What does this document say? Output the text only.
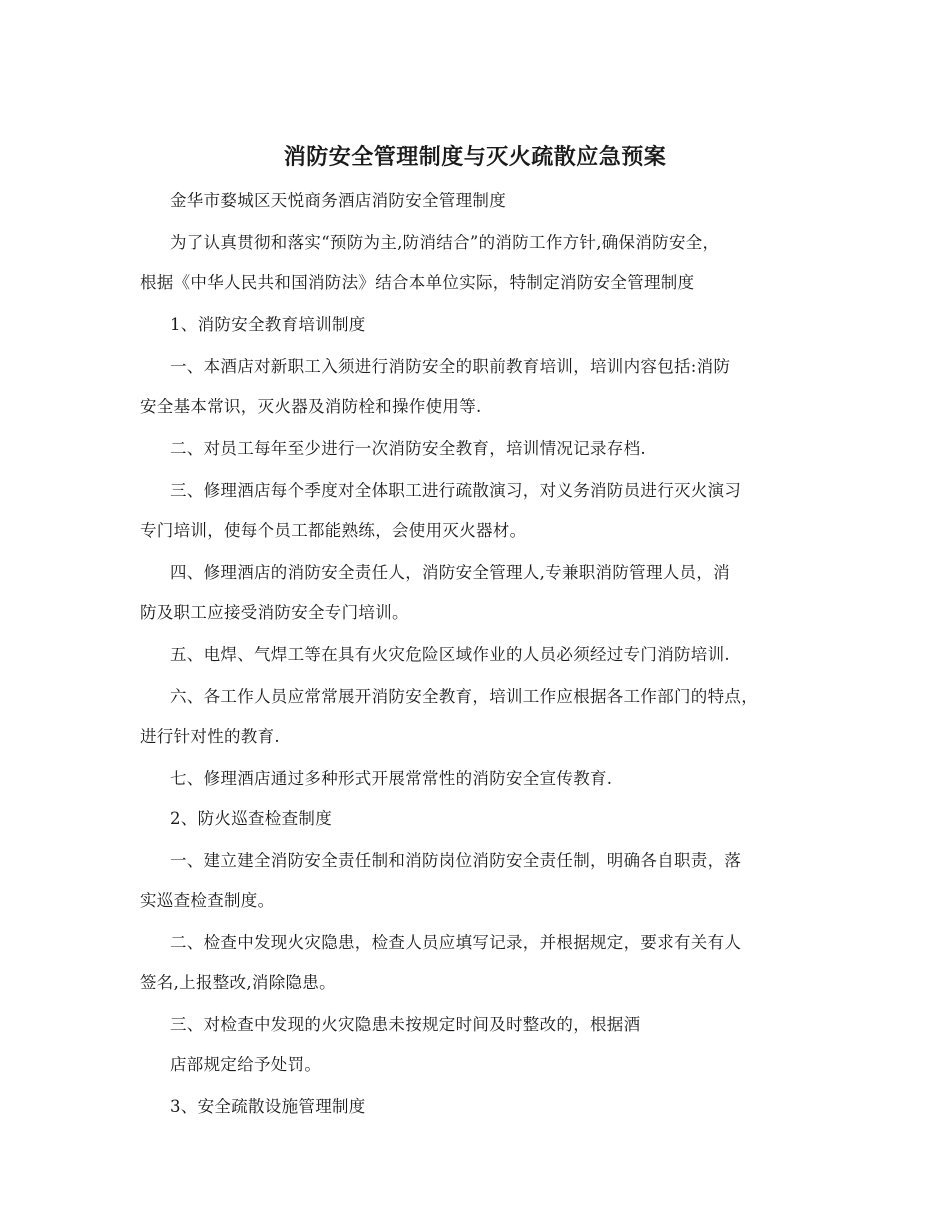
消防安全管理制度与灭火疏散应急预案
金华市婺城区天悦商务酒店消防安全管理制度
为了认真贯彻和落实“预防为主,防消结合”的消防工作方针,确保消防安全，
根据《中华人民共和国消防法》结合本单位实际，特制定消防安全管理制度
1、消防安全教育培训制度
一、本酒店对新职工入须进行消防安全的职前教育培训，培训内容包括:消防
安全基本常识，灭火器及消防栓和操作使用等.
二、对员工每年至少进行一次消防安全教育，培训情况记录存档.
三、修理酒店每个季度对全体职工进行疏散演习，对义务消防员进行灭火演习
专门培训，使每个员工都能熟练，会使用灭火器材。
四、修理酒店的消防安全责任人，消防安全管理人,专兼职消防管理人员，消
防及职工应接受消防安全专门培训。
五、电焊、气焊工等在具有火灾危险区域作业的人员必须经过专门消防培训.
六、各工作人员应常常展开消防安全教育，培训工作应根据各工作部门的特点，
进行针对性的教育.
七、修理酒店通过多种形式开展常常性的消防安全宣传教育.
2、防火巡查检查制度
一、建立建全消防安全责任制和消防岗位消防安全责任制，明确各自职责，落
实巡查检查制度。
二、检查中发现火灾隐患，检查人员应填写记录，并根据规定，要求有关有人
签名,上报整改,消除隐患。
三、对检查中发现的火灾隐患未按规定时间及时整改的，根据酒
店部规定给予处罚。
3、安全疏散设施管理制度
